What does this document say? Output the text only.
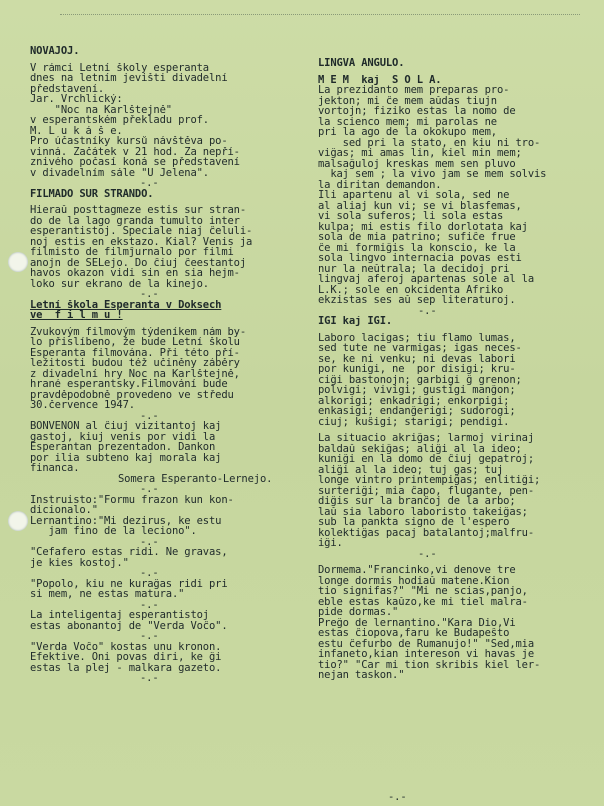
NOVAĴOJ.
V rámci Letní školy esperanta
dnes na letním jevišti divadelní
představení.
Jar. Vrchlický:
"Noc na Karlštejně"
v esperantském překladu prof.
M. L u k á š e.
Pro účastníky kursů návštěva po-
vinná. Začátek v 21 hod. Za nepří-
znivého počasí koná se představení
v divadelním sále "U Jelena".
-.-
FILMADO SUR STRANDO.
Hieraŭ posttagmeze estis sur stran-
do de la lago granda tumulto inter
esperantistoj. Speciale niaj ĉeluli-
noj estis en ekstazo. Kial? Venis ja
filmisto de filmĵurnalo por filmi
anojn de SELejo. Do ĉiuj ĉeestantoj
havos okazon vidi sin en sia hejm-
loko sur ekrano de la kinejo.
-.-
Letní škola Esperanta v Doksech
ve  f i l m u !
Zvukovým filmovým týdeníkem nám by-
lo přislíbeno, že bude Letní školu
Esperanta filmována. Při této pří-
ležitosti budou též učiněny záběry
z divadelní hry Noc na Karlštejně,
hrané esperantsky.Filmování bude
pravděpodobně provedeno ve středu
30.července 1947.
-.-
BONVENON al ĉiuj vizitantoj kaj
gastoj, kiuj venis por vidi la
Esperantan prezentadon. Dankon
por ilia subteno kaj morala kaj
financa.
Somera Esperanto-Lernejo.
-.-
Instruisto:"Formu frazon kun kon-
dicionalo."
Lernantino:"Mi dezirus, ke estu
jam fino de la leciono".
-.-
"Ĉefafero estas ridi. Ne gravas,
je kies kostoj."
-.-
"Popolo, kiu ne kuraĝas ridi pri
si mem, ne estas matura."
-.-
La inteligentaj esperantistoj
estas abonantoj de "Verda Voĉo".
-.-
"Verda Voĉo" kostas unu kronon.
Efektive. Oni povas diri, ke ĝi
estas la plej - malkara gazeto.
-.-
LINGVA ANGULO.
M E M  kaj  S O L A.
La prezidanto mem preparas pro-
jekton; mi ĉe mem aŭdas tiujn
vortojn; fiziko estas la nomo de
la scienco mem; mi parolas ne
pri la ago de la okokupo mem,
sed pri la stato, en kiu ni tro-
viĝas; mi amas lin, kiel min mem;
malsaĝuloj kreskas mem sen pluvo
kaj sem ; la vivo jam se mem solvis
la diritan demandon.
Ili apartenu al vi sola, sed ne
al aliaj kun vi; se vi blasfemas,
vi sola suferos; li sola estas
kulpa; mi estis filo dorlotata kaj
sola de mia patrino; sufiĉe frue
ĉe mi formiĝis la konscio, ke la
sola lingvo internacia povas esti
nur la neŭtrala; la decidoj pri
lingvaj aferoj apartenas sole al la
L.K.; sole en okcidenta Afriko
ekzistas ses aŭ sep literaturoj.
-.-
IGI kaj IĜI.
Laboro lacigas; tiu flamo lumas,
sed tute ne varmigas; igas neces-
se, ke ni venku; ni devas labori
por kunigi, ne  por disigi; kru-
ciĝi bastonojn; garbigi ĝ grenon;
polvigi; vivigi; gustigi manĝon;
alkorigi; enkadrigi; enkorpigi;
enkasigi; endanĝerigi; sudorogi;
ciuj; kuŝigi; starigi; pendigi.
La situacio akriĝas; larmoj virinaj
baldaŭ sekiĝas; aliĝi al la ideo;
kuniĝi en la domo de ĉiuj gepatroj;
aliĝi al la ideo; tuj gas; tuj
longe vintro printempiĝas; enlitiĝi;
surteriĝi; mia ĉapo, flugante, pen-
diĝis sur la branĉoj de la arbo;
laŭ sia laboro laboristo takeiĝas;
sub la pankta signo de l'espero
kolektiĝas pacaj batalantoj;malfru-
iĝi.
-.-
Dormema."Francinko,vi denove tre
longe dormis hodiaŭ matene.Kion
tio signifas?" "Mi ne scias,panjo,
eble estas kaŭzo,ke mi tiel malra-
pide dormas."
Preĝo de lernantino."Kara Dio,Vi
estas ĉiopova,faru ke Budapeŝto
estu ĉefurbo de Rumanujo!" "Sed,mia
infaneto,kian intereson vi havas je
tio?" "Ĉar mi tion skribis kiel ler-
nejan taskon."
-.-
